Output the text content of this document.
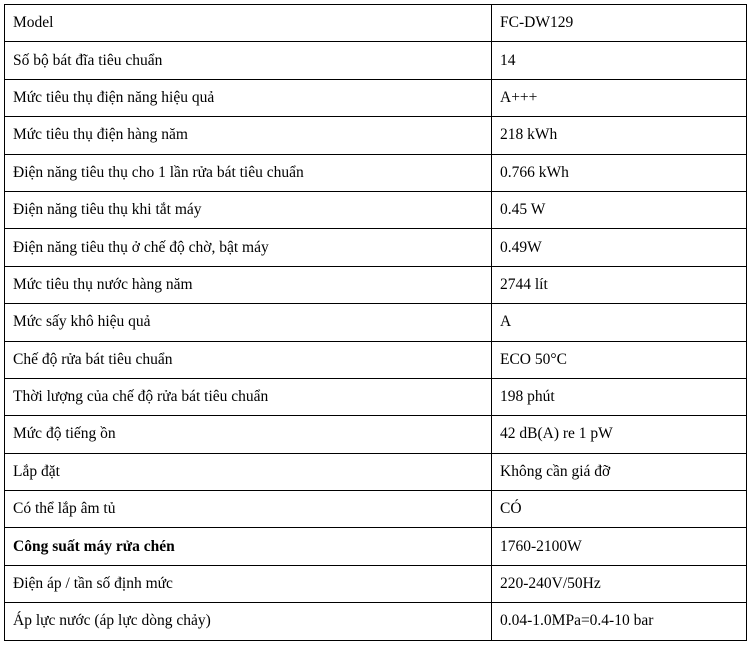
Model	FC-DW129
Số bộ bát đĩa tiêu chuẩn	14
Mức tiêu thụ điện năng hiệu quả	A+++
Mức tiêu thụ điện hàng năm	218 kWh
Điện năng tiêu thụ cho 1 lần rửa bát tiêu chuẩn	0.766 kWh
Điện năng tiêu thụ khi tắt máy	0.45 W
Điện năng tiêu thụ ở chế độ chờ, bật máy	0.49W
Mức tiêu thụ nước hàng năm	2744 lít
Mức sấy khô hiệu quả	A
Chế độ rửa bát tiêu chuẩn	ECO 50°C
Thời lượng của chế độ rửa bát tiêu chuẩn	198 phút
Mức độ tiếng ồn	42 dB(A) re 1 pW
Lắp đặt	Không cần giá đỡ
Có thể lắp âm tủ	CÓ
Công suất máy rửa chén	1760-2100W
Điện áp / tần số định mức	220-240V/50Hz
Áp lực nước (áp lực dòng chảy)	0.04-1.0MPa=0.4-10 bar
